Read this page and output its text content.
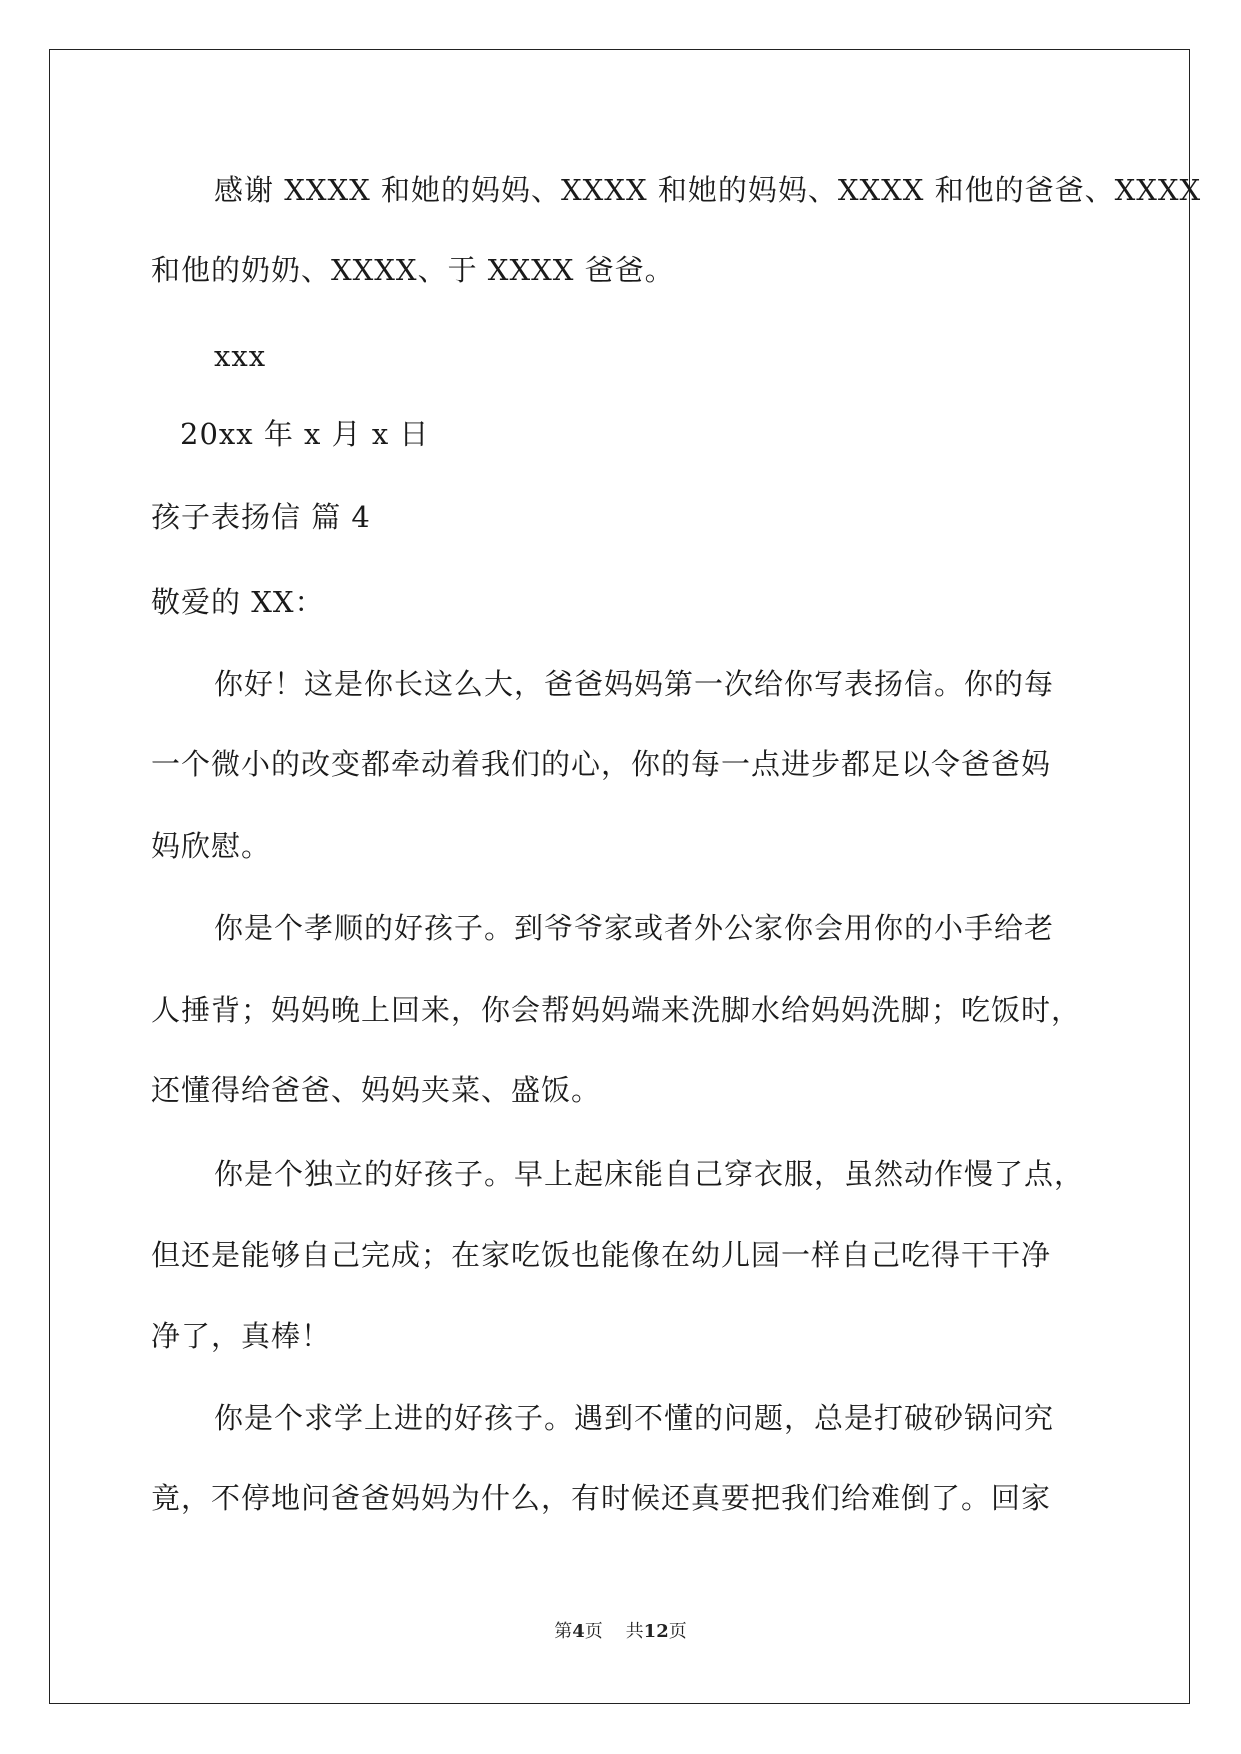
感谢 XXXX 和她的妈妈、XXXX 和她的妈妈、XXXX 和他的爸爸、XXXX
和他的奶奶、XXXX、于 XXXX 爸爸。
xxx
20xx 年 x 月 x 日
孩子表扬信 篇 4
敬爱的 XX：
你好！这是你长这么大，爸爸妈妈第一次给你写表扬信。你的每
一个微小的改变都牵动着我们的心，你的每一点进步都足以令爸爸妈
妈欣慰。
你是个孝顺的好孩子。到爷爷家或者外公家你会用你的小手给老
人捶背；妈妈晚上回来，你会帮妈妈端来洗脚水给妈妈洗脚；吃饭时，
还懂得给爸爸、妈妈夹菜、盛饭。
你是个独立的好孩子。早上起床能自己穿衣服，虽然动作慢了点，
但还是能够自己完成；在家吃饭也能像在幼儿园一样自己吃得干干净
净了，真棒！
你是个求学上进的好孩子。遇到不懂的问题，总是打破砂锅问究
竟，不停地问爸爸妈妈为什么，有时候还真要把我们给难倒了。回家
第4页    共12页
